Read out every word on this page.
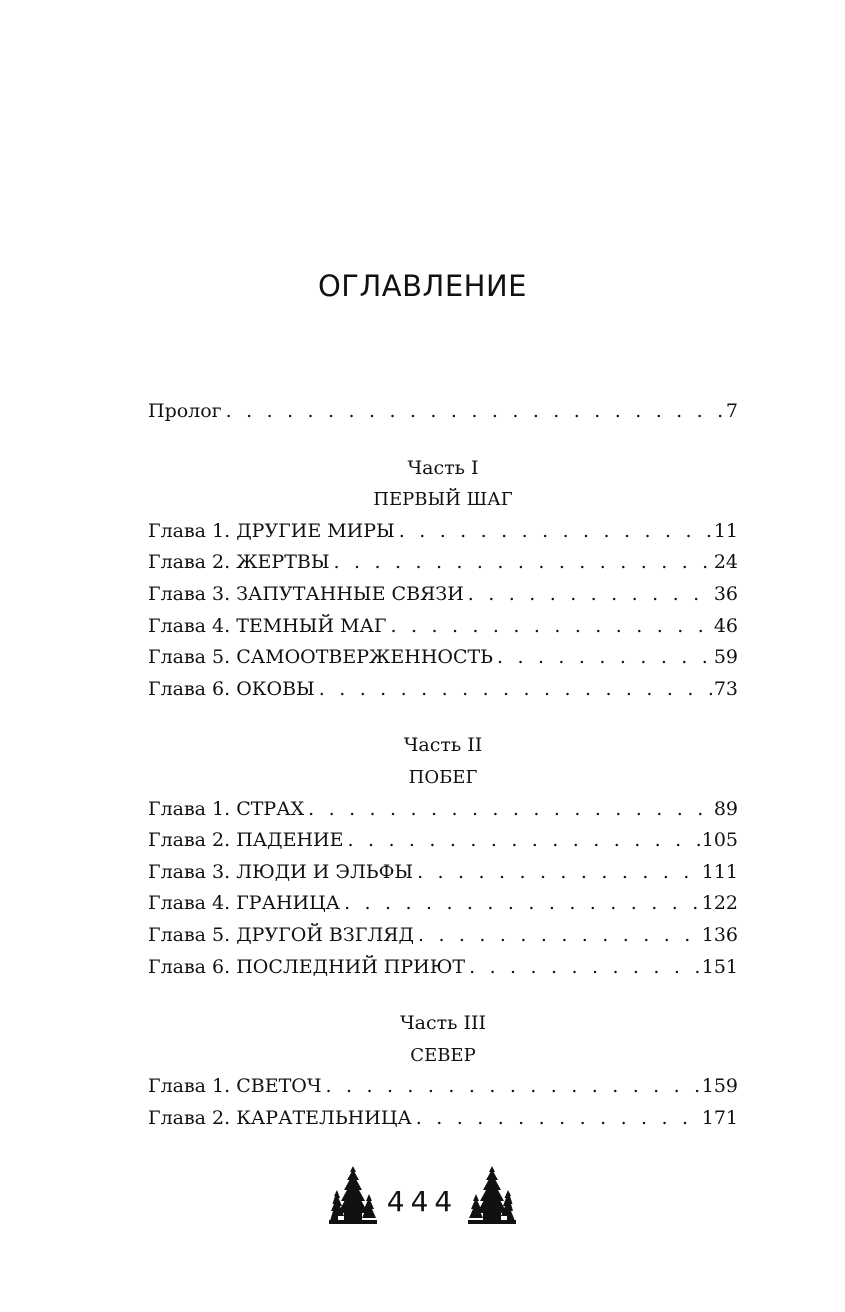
ОГЛАВЛЕНИЕ
Пролог . . .	7
Часть I
ПЕРВЫЙ ШАГ
Глава 1. ДРУГИЕ МИРЫ . . .	11
Глава 2. ЖЕРТВЫ . . .	24
Глава 3. ЗАПУТАННЫЕ СВЯЗИ . . .	36
Глава 4. ТЕМНЫЙ МАГ . . .	46
Глава 5. САМООТВЕРЖЕННОСТЬ . . .	59
Глава 6. ОКОВЫ . . .	73
Часть II
ПОБЕГ
Глава 1. СТРАХ . . .	89
Глава 2. ПАДЕНИЕ . . .	105
Глава 3. ЛЮДИ И ЭЛЬФЫ . . .	111
Глава 4. ГРАНИЦА . . .	122
Глава 5. ДРУГОЙ ВЗГЛЯД . . .	136
Глава 6. ПОСЛЕДНИЙ ПРИЮТ . . .	151
Часть III
СЕВЕР
Глава 1. СВЕТОЧ . . .	159
Глава 2. КАРАТЕЛЬНИЦА . . .	171
444
